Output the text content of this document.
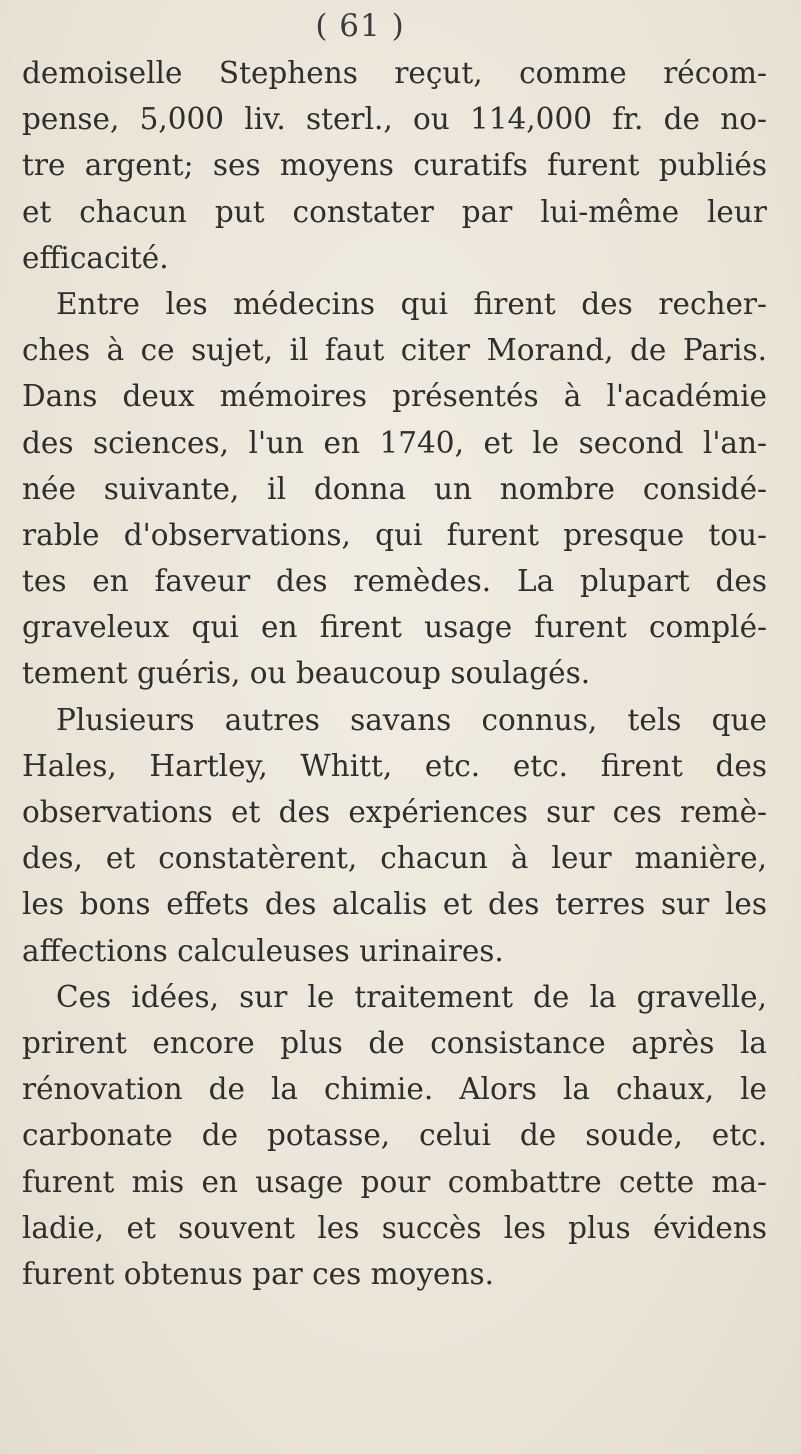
( 61 )
demoiselle Stephens reçut, comme récom-
pense, 5,000 liv. sterl., ou 114,000 fr. de no-
tre argent; ses moyens curatifs furent publiés
et chacun put constater par lui-même leur
efficacité.
Entre les médecins qui firent des recher-
ches à ce sujet, il faut citer Morand, de Paris.
Dans deux mémoires présentés à l'académie
des sciences, l'un en 1740, et le second l'an-
née suivante, il donna un nombre considé-
rable d'observations, qui furent presque tou-
tes en faveur des remèdes. La plupart des
graveleux qui en firent usage furent complé-
tement guéris, ou beaucoup soulagés.
Plusieurs autres savans connus, tels que
Hales, Hartley, Whitt, etc. etc. firent des
observations et des expériences sur ces remè-
des, et constatèrent, chacun à leur manière,
les bons effets des alcalis et des terres sur les
affections calculeuses urinaires.
Ces idées, sur le traitement de la gravelle,
prirent encore plus de consistance après la
rénovation de la chimie. Alors la chaux, le
carbonate de potasse, celui de soude, etc.
furent mis en usage pour combattre cette ma-
ladie, et souvent les succès les plus évidens
furent obtenus par ces moyens.
